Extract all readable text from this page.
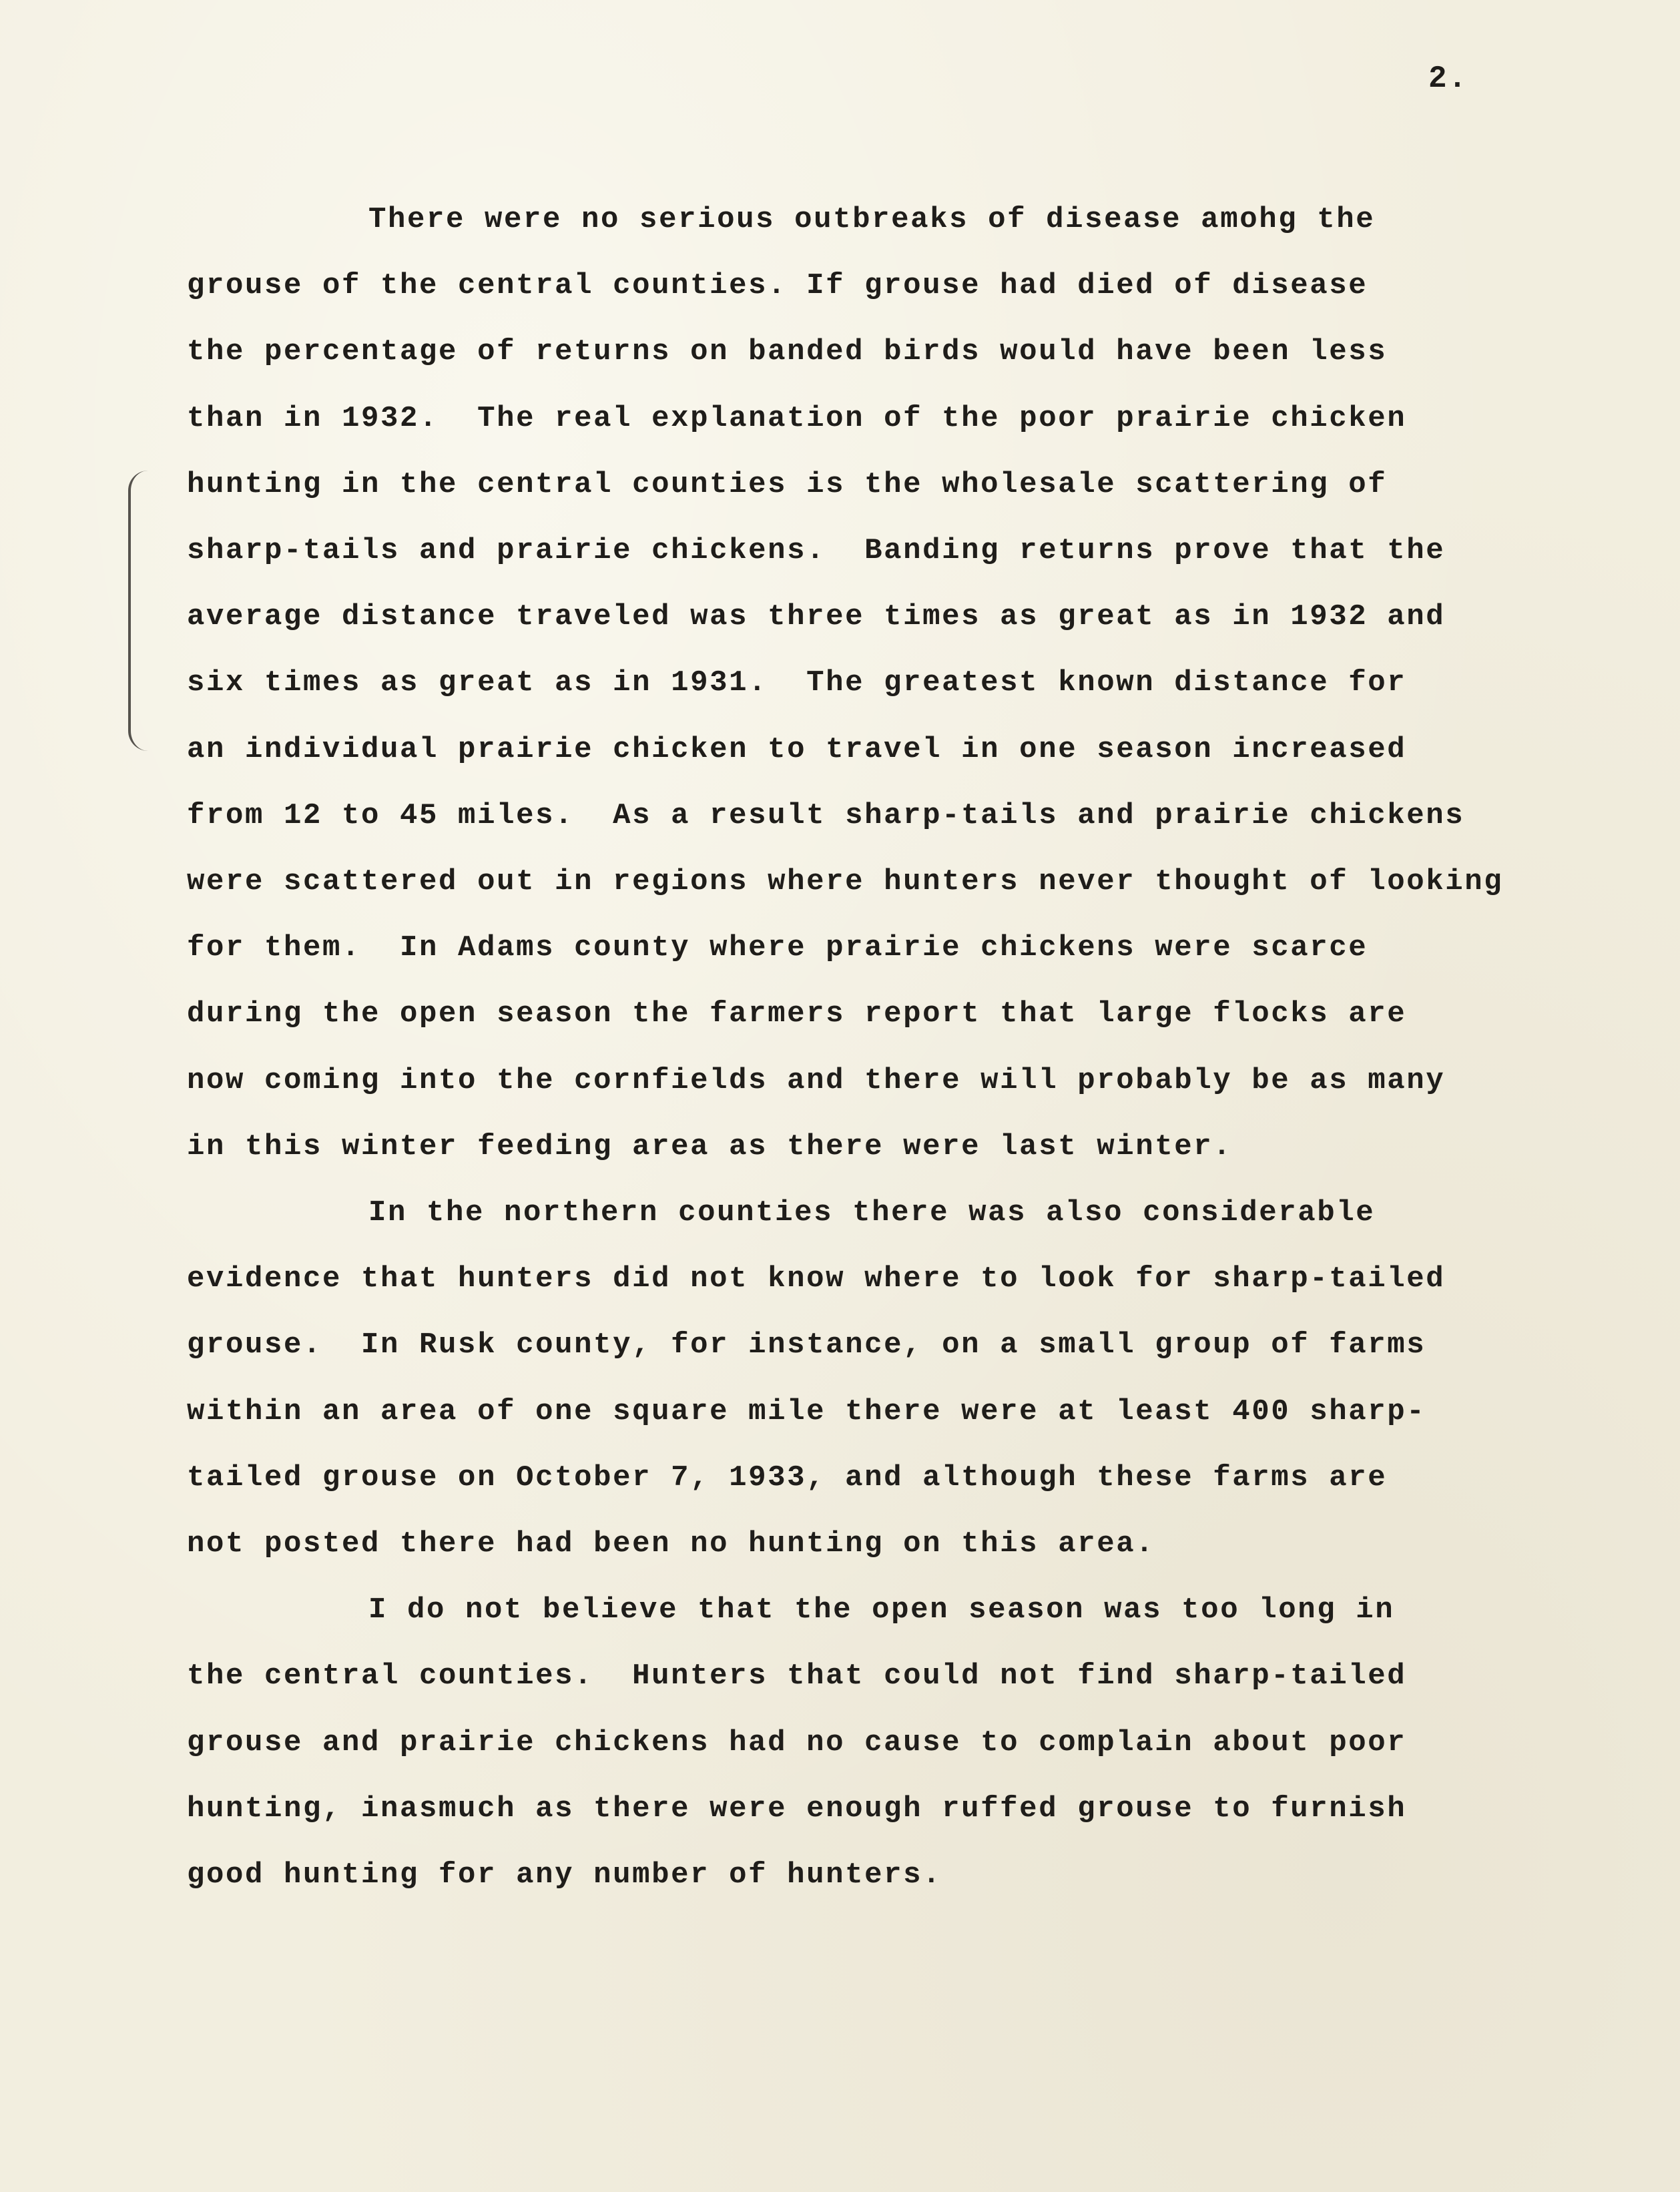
2.
There were no serious outbreaks of disease amohg the
grouse of the central counties. If grouse had died of disease
the percentage of returns on banded birds would have been less
than in 1932.  The real explanation of the poor prairie chicken
hunting in the central counties is the wholesale scattering of
sharp-tails and prairie chickens.  Banding returns prove that the
average distance traveled was three times as great as in 1932 and
six times as great as in 1931.  The greatest known distance for
an individual prairie chicken to travel in one season increased
from 12 to 45 miles.  As a result sharp-tails and prairie chickens
were scattered out in regions where hunters never thought of looking
for them.  In Adams county where prairie chickens were scarce
during the open season the farmers report that large flocks are
now coming into the cornfields and there will probably be as many
in this winter feeding area as there were last winter.
In the northern counties there was also considerable
evidence that hunters did not know where to look for sharp-tailed
grouse.  In Rusk county, for instance, on a small group of farms
within an area of one square mile there were at least 400 sharp-
tailed grouse on October 7, 1933, and although these farms are
not posted there had been no hunting on this area.
I do not believe that the open season was too long in
the central counties.  Hunters that could not find sharp-tailed
grouse and prairie chickens had no cause to complain about poor
hunting, inasmuch as there were enough ruffed grouse to furnish
good hunting for any number of hunters.
